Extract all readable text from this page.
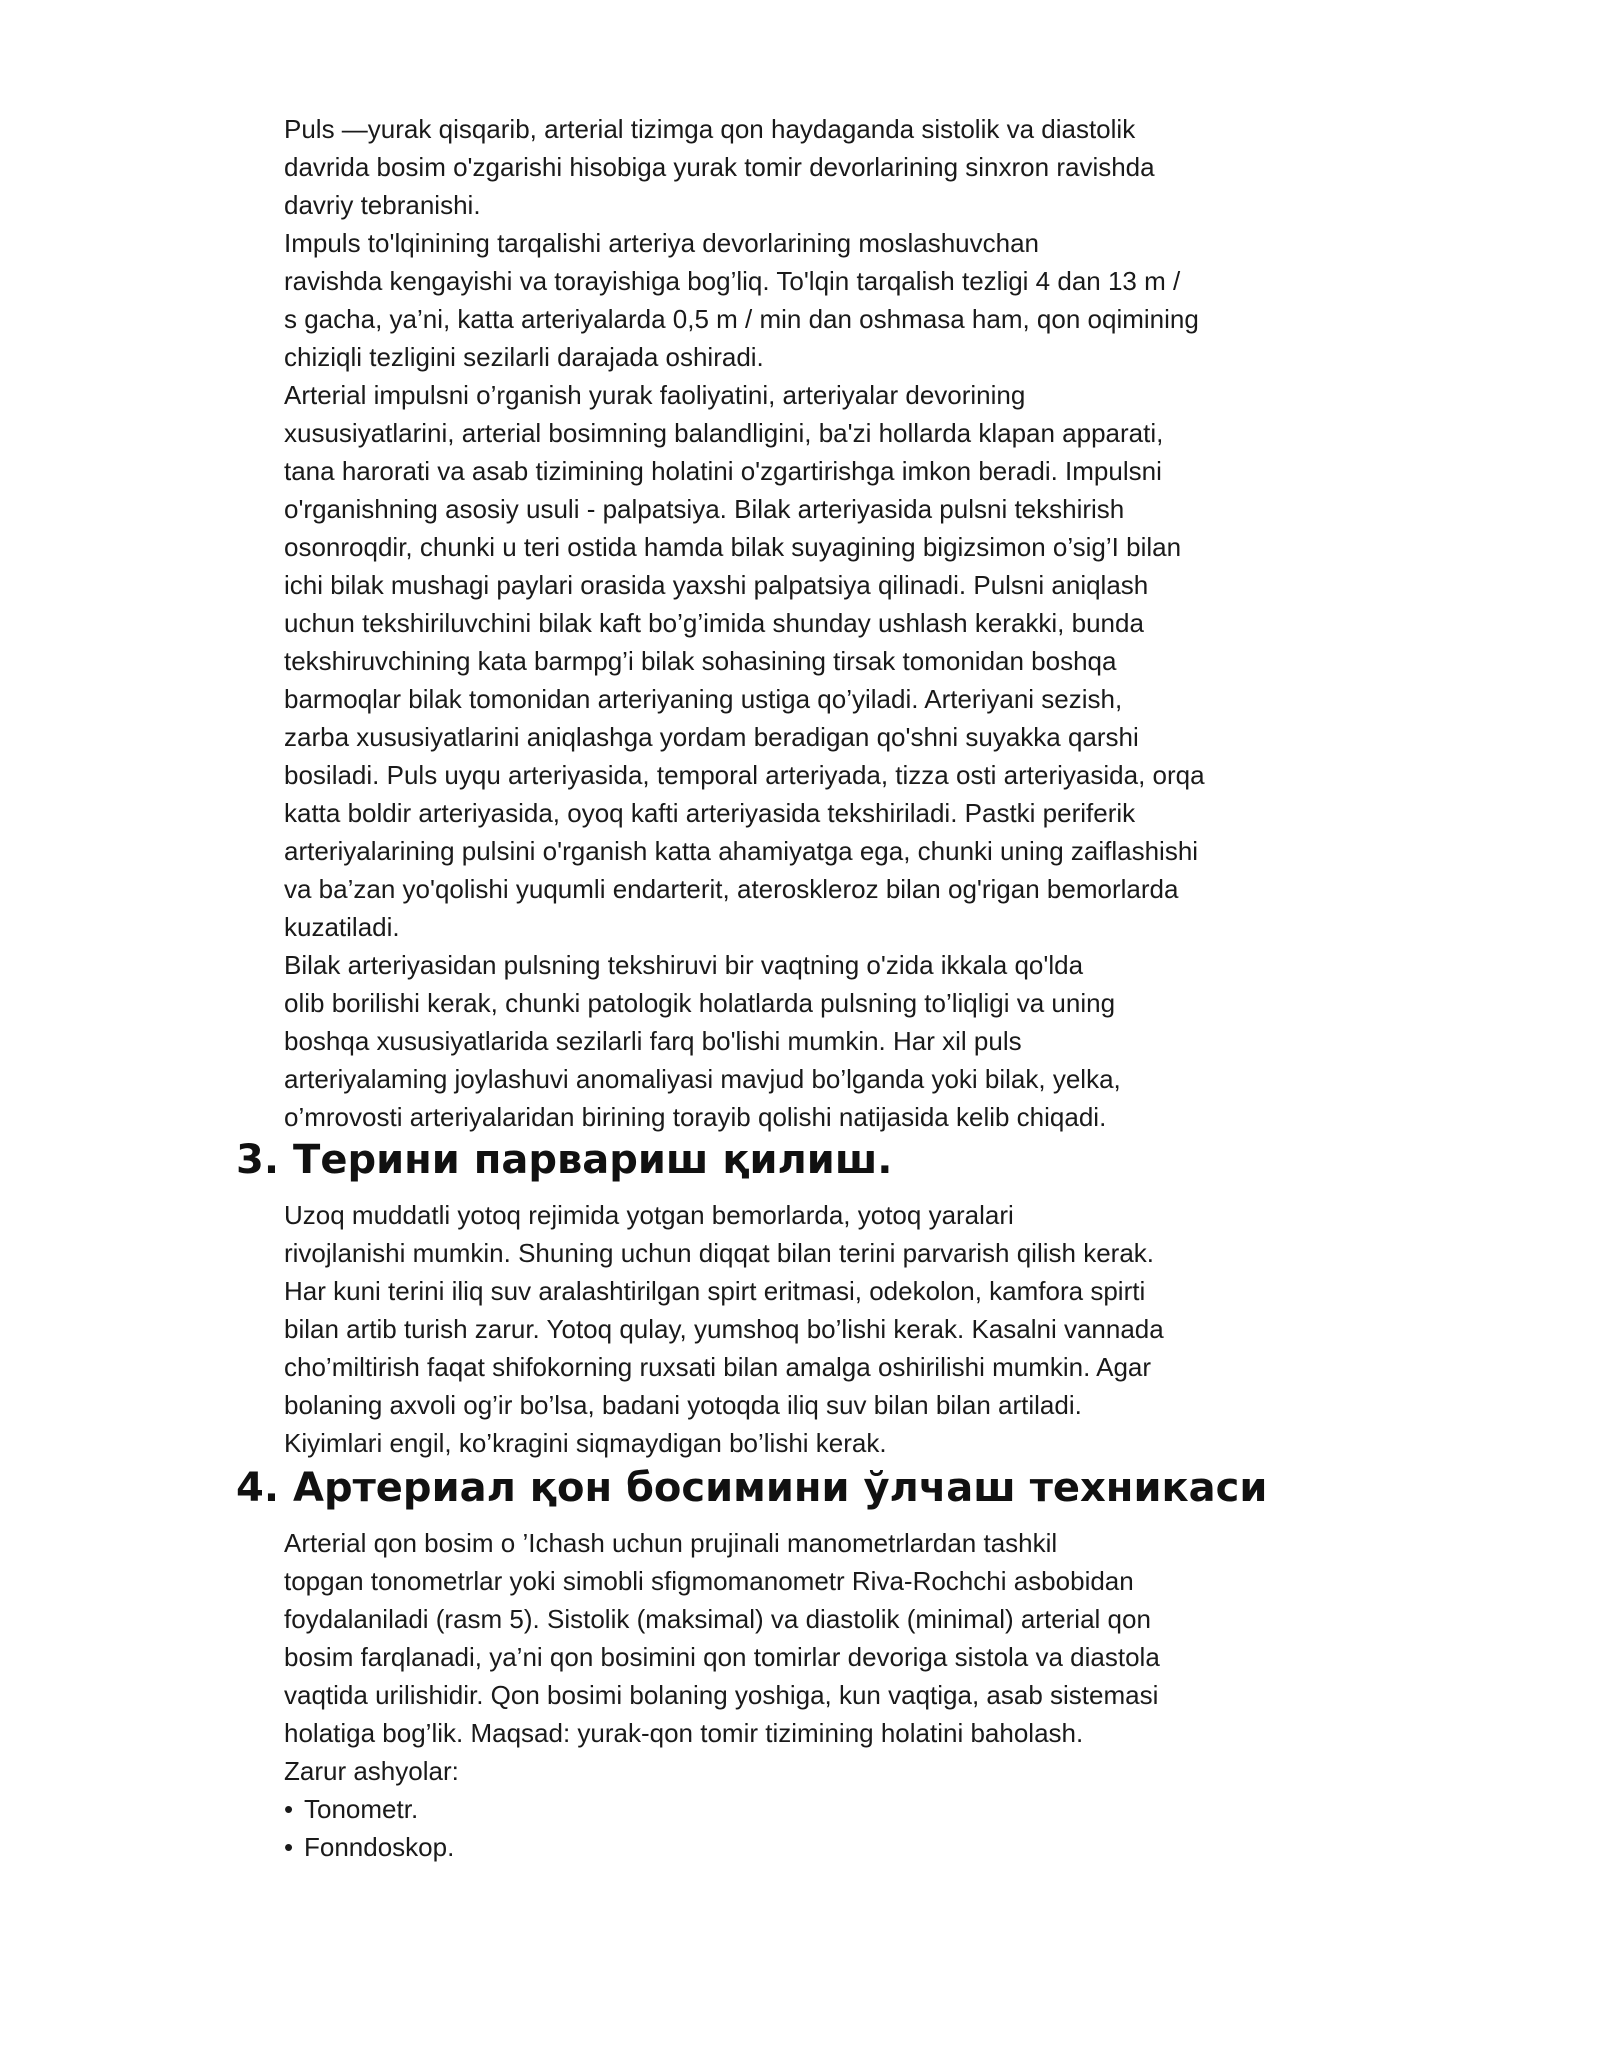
Puls —yurak qisqarib, arterial tizimga qon haydaganda sistolik va diastolik
davrida bosim o'zgarishi hisobiga yurak tomir devorlarining sinxron ravishda
davriy tebranishi.
Impuls to'lqinining tarqalishi arteriya devorlarining moslashuvchan
ravishda kengayishi va torayishiga bog’liq. To'lqin tarqalish tezligi 4 dan 13 m /
s gacha, ya’ni, katta arteriyalarda 0,5 m / min dan oshmasa ham, qon oqimining
chiziqli tezligini sezilarli darajada oshiradi.
Arterial impulsni o’rganish yurak faoliyatini, arteriyalar devorining
xususiyatlarini, arterial bosimning balandligini, ba'zi hollarda klapan apparati,
tana harorati va asab tizimining holatini o'zgartirishga imkon beradi. Impulsni
o'rganishning asosiy usuli - palpatsiya. Bilak arteriyasida pulsni tekshirish
osonroqdir, chunki u teri ostida hamda bilak suyagining bigizsimon o’sig’I bilan
ichi bilak mushagi paylari orasida yaxshi palpatsiya qilinadi. Pulsni aniqlash
uchun tekshiriluvchini bilak kaft bo’g’imida shunday ushlash kerakki, bunda
tekshiruvchining kata barmpg’i bilak sohasining tirsak tomonidan boshqa
barmoqlar bilak tomonidan arteriyaning ustiga qo’yiladi. Arteriyani sezish,
zarba xususiyatlarini aniqlashga yordam beradigan qo'shni suyakka qarshi
bosiladi. Puls uyqu arteriyasida, temporal arteriyada, tizza osti arteriyasida, orqa
katta boldir arteriyasida, oyoq kafti arteriyasida tekshiriladi. Pastki periferik
arteriyalarining pulsini o'rganish katta ahamiyatga ega, chunki uning zaiflashishi
va ba’zan yo'qolishi yuqumli endarterit, ateroskleroz bilan og'rigan bemorlarda
kuzatiladi.
Bilak arteriyasidan pulsning tekshiruvi bir vaqtning o'zida ikkala qo'lda
olib borilishi kerak, chunki patologik holatlarda pulsning to’liqligi va uning
boshqa xususiyatlarida sezilarli farq bo'lishi mumkin. Har xil puls
arteriyalaming joylashuvi anomaliyasi mavjud bo’lganda yoki bilak, yelka,
o’mrovosti arteriyalaridan birining torayib qolishi natijasida kelib chiqadi.
3. Терини парвариш қилиш.
Uzoq muddatli yotoq rejimida yotgan bemorlarda, yotoq yaralari
rivojlanishi mumkin. Shuning uchun diqqat bilan terini parvarish qilish kerak.
Har kuni terini iliq suv aralashtirilgan spirt eritmasi, odekolon, kamfora spirti
bilan artib turish zarur. Yotoq qulay, yumshoq bo’lishi kerak. Kasalni vannada
cho’miltirish faqat shifokorning ruxsati bilan amalga oshirilishi mumkin. Agar
bolaning axvoli og’ir bo’lsa, badani yotoqda iliq suv bilan bilan artiladi.
Kiyimlari engil, ko’kragini siqmaydigan bo’lishi kerak.
4. Артериал қон босимини ўлчаш техникаси
Arterial qon bosim o ’Ichash uchun prujinali manometrlardan tashkil
topgan tonometrlar yoki simobli sfigmomanometr Riva-Rochchi asbobidan
foydalaniladi (rasm 5). Sistolik (maksimal) va diastolik (minimal) arterial qon
bosim farqlanadi, ya’ni qon bosimini qon tomirlar devoriga sistola va diastola
vaqtida urilishidir. Qon bosimi bolaning yoshiga, kun vaqtiga, asab sistemasi
holatiga bog’lik. Maqsad: yurak-qon tomir tizimining holatini baholash.
Zarur ashyolar:
• Tonometr.
• Fonndoskop.
